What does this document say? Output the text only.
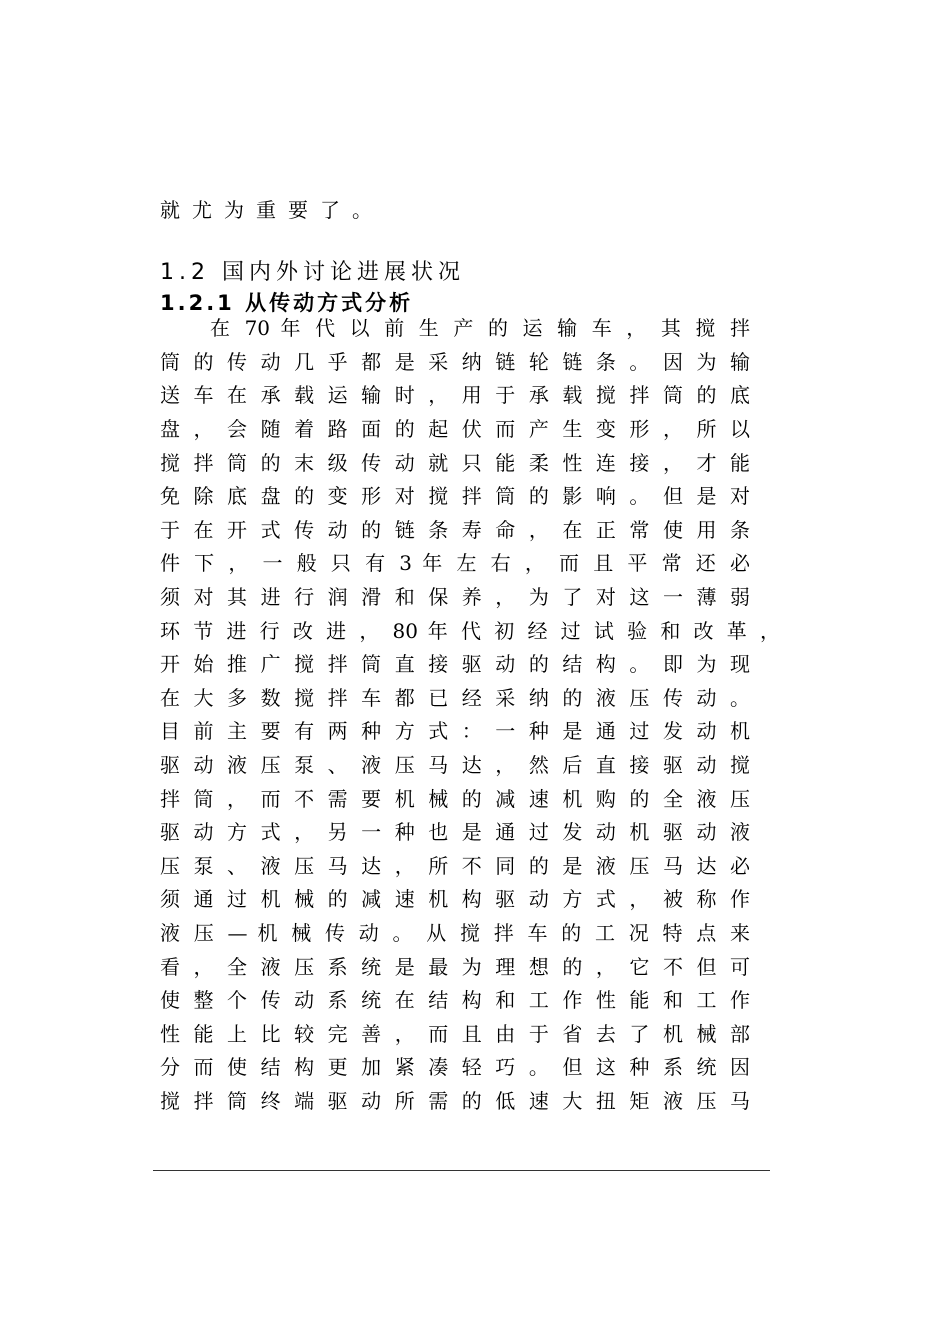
就尤为重要了。
1.2 国内外讨论进展状况
1.2.1 从传动方式分析
在 70 年 代 以 前 生 产 的 运 输 车 ， 其 搅 拌
筒 的 传 动 几 乎 都 是 采 纳 链 轮 链 条 。 因 为 输
送 车 在 承 载 运 输 时 ， 用 于 承 载 搅 拌 筒 的 底
盘 ， 会 随 着 路 面 的 起 伏 而 产 生 变 形 ， 所 以
搅 拌 筒 的 末 级 传 动 就 只 能 柔 性 连 接 ， 才 能
免 除 底 盘 的 变 形 对 搅 拌 筒 的 影 响 。 但 是 对
于 在 开 式 传 动 的 链 条 寿 命 ， 在 正 常 使 用 条
件 下 ， 一 般 只 有 3 年 左 右 ， 而 且 平 常 还 必
须 对 其 进 行 润 滑 和 保 养 ， 为 了 对 这 一 薄 弱
环 节 进 行 改 进 ， 80 年 代 初 经 过 试 验 和 改 革 ，
开 始 推 广 搅 拌 筒 直 接 驱 动 的 结 构 。 即 为 现
在 大 多 数 搅 拌 车 都 已 经 采 纳 的 液 压 传 动 。
目 前 主 要 有 两 种 方 式 ： 一 种 是 通 过 发 动 机
驱 动 液 压 泵 、 液 压 马 达 ， 然 后 直 接 驱 动 搅
拌 筒 ， 而 不 需 要 机 械 的 减 速 机 购 的 全 液 压
驱 动 方 式 ， 另 一 种 也 是 通 过 发 动 机 驱 动 液
压 泵 、 液 压 马 达 ， 所 不 同 的 是 液 压 马 达 必
须 通 过 机 械 的 减 速 机 构 驱 动 方 式 ， 被 称 作
液 压 — 机 械 传 动 。 从 搅 拌 车 的 工 况 特 点 来
看 ， 全 液 压 系 统 是 最 为 理 想 的 ， 它 不 但 可
使 整 个 传 动 系 统 在 结 构 和 工 作 性 能 和 工 作
性 能 上 比 较 完 善 ， 而 且 由 于 省 去 了 机 械 部
分 而 使 结 构 更 加 紧 凑 轻 巧 。 但 这 种 系 统 因
搅 拌 筒 终 端 驱 动 所 需 的 低 速 大 扭 矩 液 压 马
